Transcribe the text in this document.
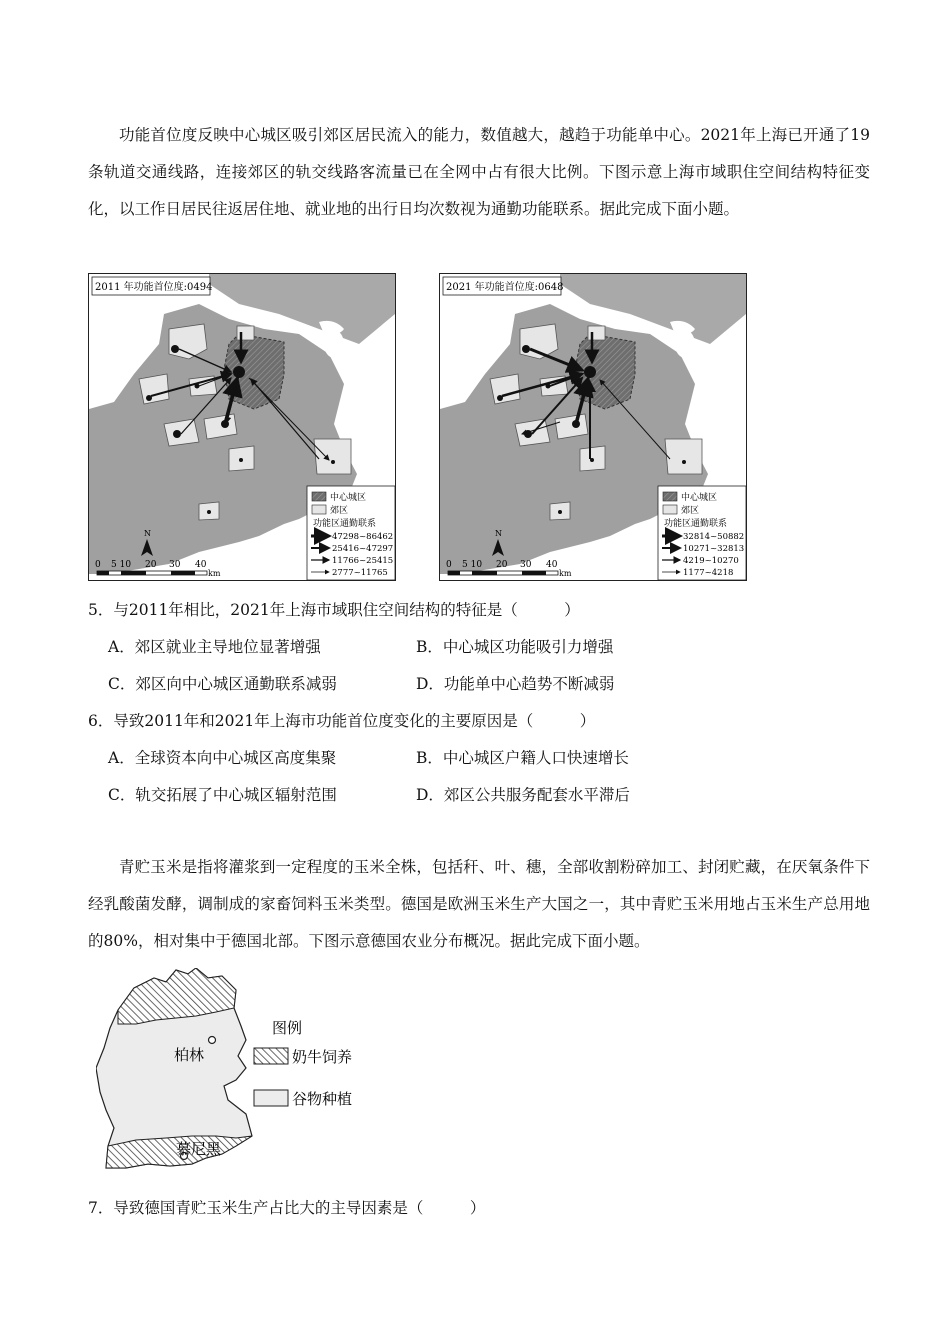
功能首位度反映中心城区吸引郊区居民流入的能力，数值越大，越趋于功能单中心。2021年上海已开通了19条轨道交通线路，连接郊区的轨交线路客流量已在全网中占有很大比例。下图示意上海市域职住空间结构特征变化，以工作日居民往返居住地、就业地的出行日均次数视为通勤功能联系。据此完成下面小题。

2011 年功能首位度:0494
中心城区
郊区
功能区通勤联系
47298~86462
25416~47297
11766~25415
2777~11765
N
0 5 10 20 30 40
km
2021 年功能首位度:0648
中心城区
郊区
功能区通勤联系
32814~50882
10271~32813
4219~10270
1177~4218
N
0 5 10 20 30 40
km

5．与2011年相比，2021年上海市域职住空间结构的特征是（　　　）

A．郊区就业主导地位显著增强	B．中心城区功能吸引力增强
C．郊区向中心城区通勤联系减弱	D．功能单中心趋势不断减弱

6．导致2011年和2021年上海市功能首位度变化的主要原因是（　　　）

A．全球资本向中心城区高度集聚	B．中心城区户籍人口快速增长
C．轨交拓展了中心城区辐射范围	D．郊区公共服务配套水平滞后

青贮玉米是指将灌浆到一定程度的玉米全株，包括秆、叶、穗，全部收割粉碎加工、封闭贮藏，在厌氧条件下经乳酸菌发酵，调制成的家畜饲料玉米类型。德国是欧洲玉米生产大国之一，其中青贮玉米用地占玉米生产总用地的80%，相对集中于德国北部。下图示意德国农业分布概况。据此完成下面小题。

柏林
慕尼黑
图例
奶牛饲养
谷物种植

7．导致德国青贮玉米生产占比大的主导因素是（　　　）
